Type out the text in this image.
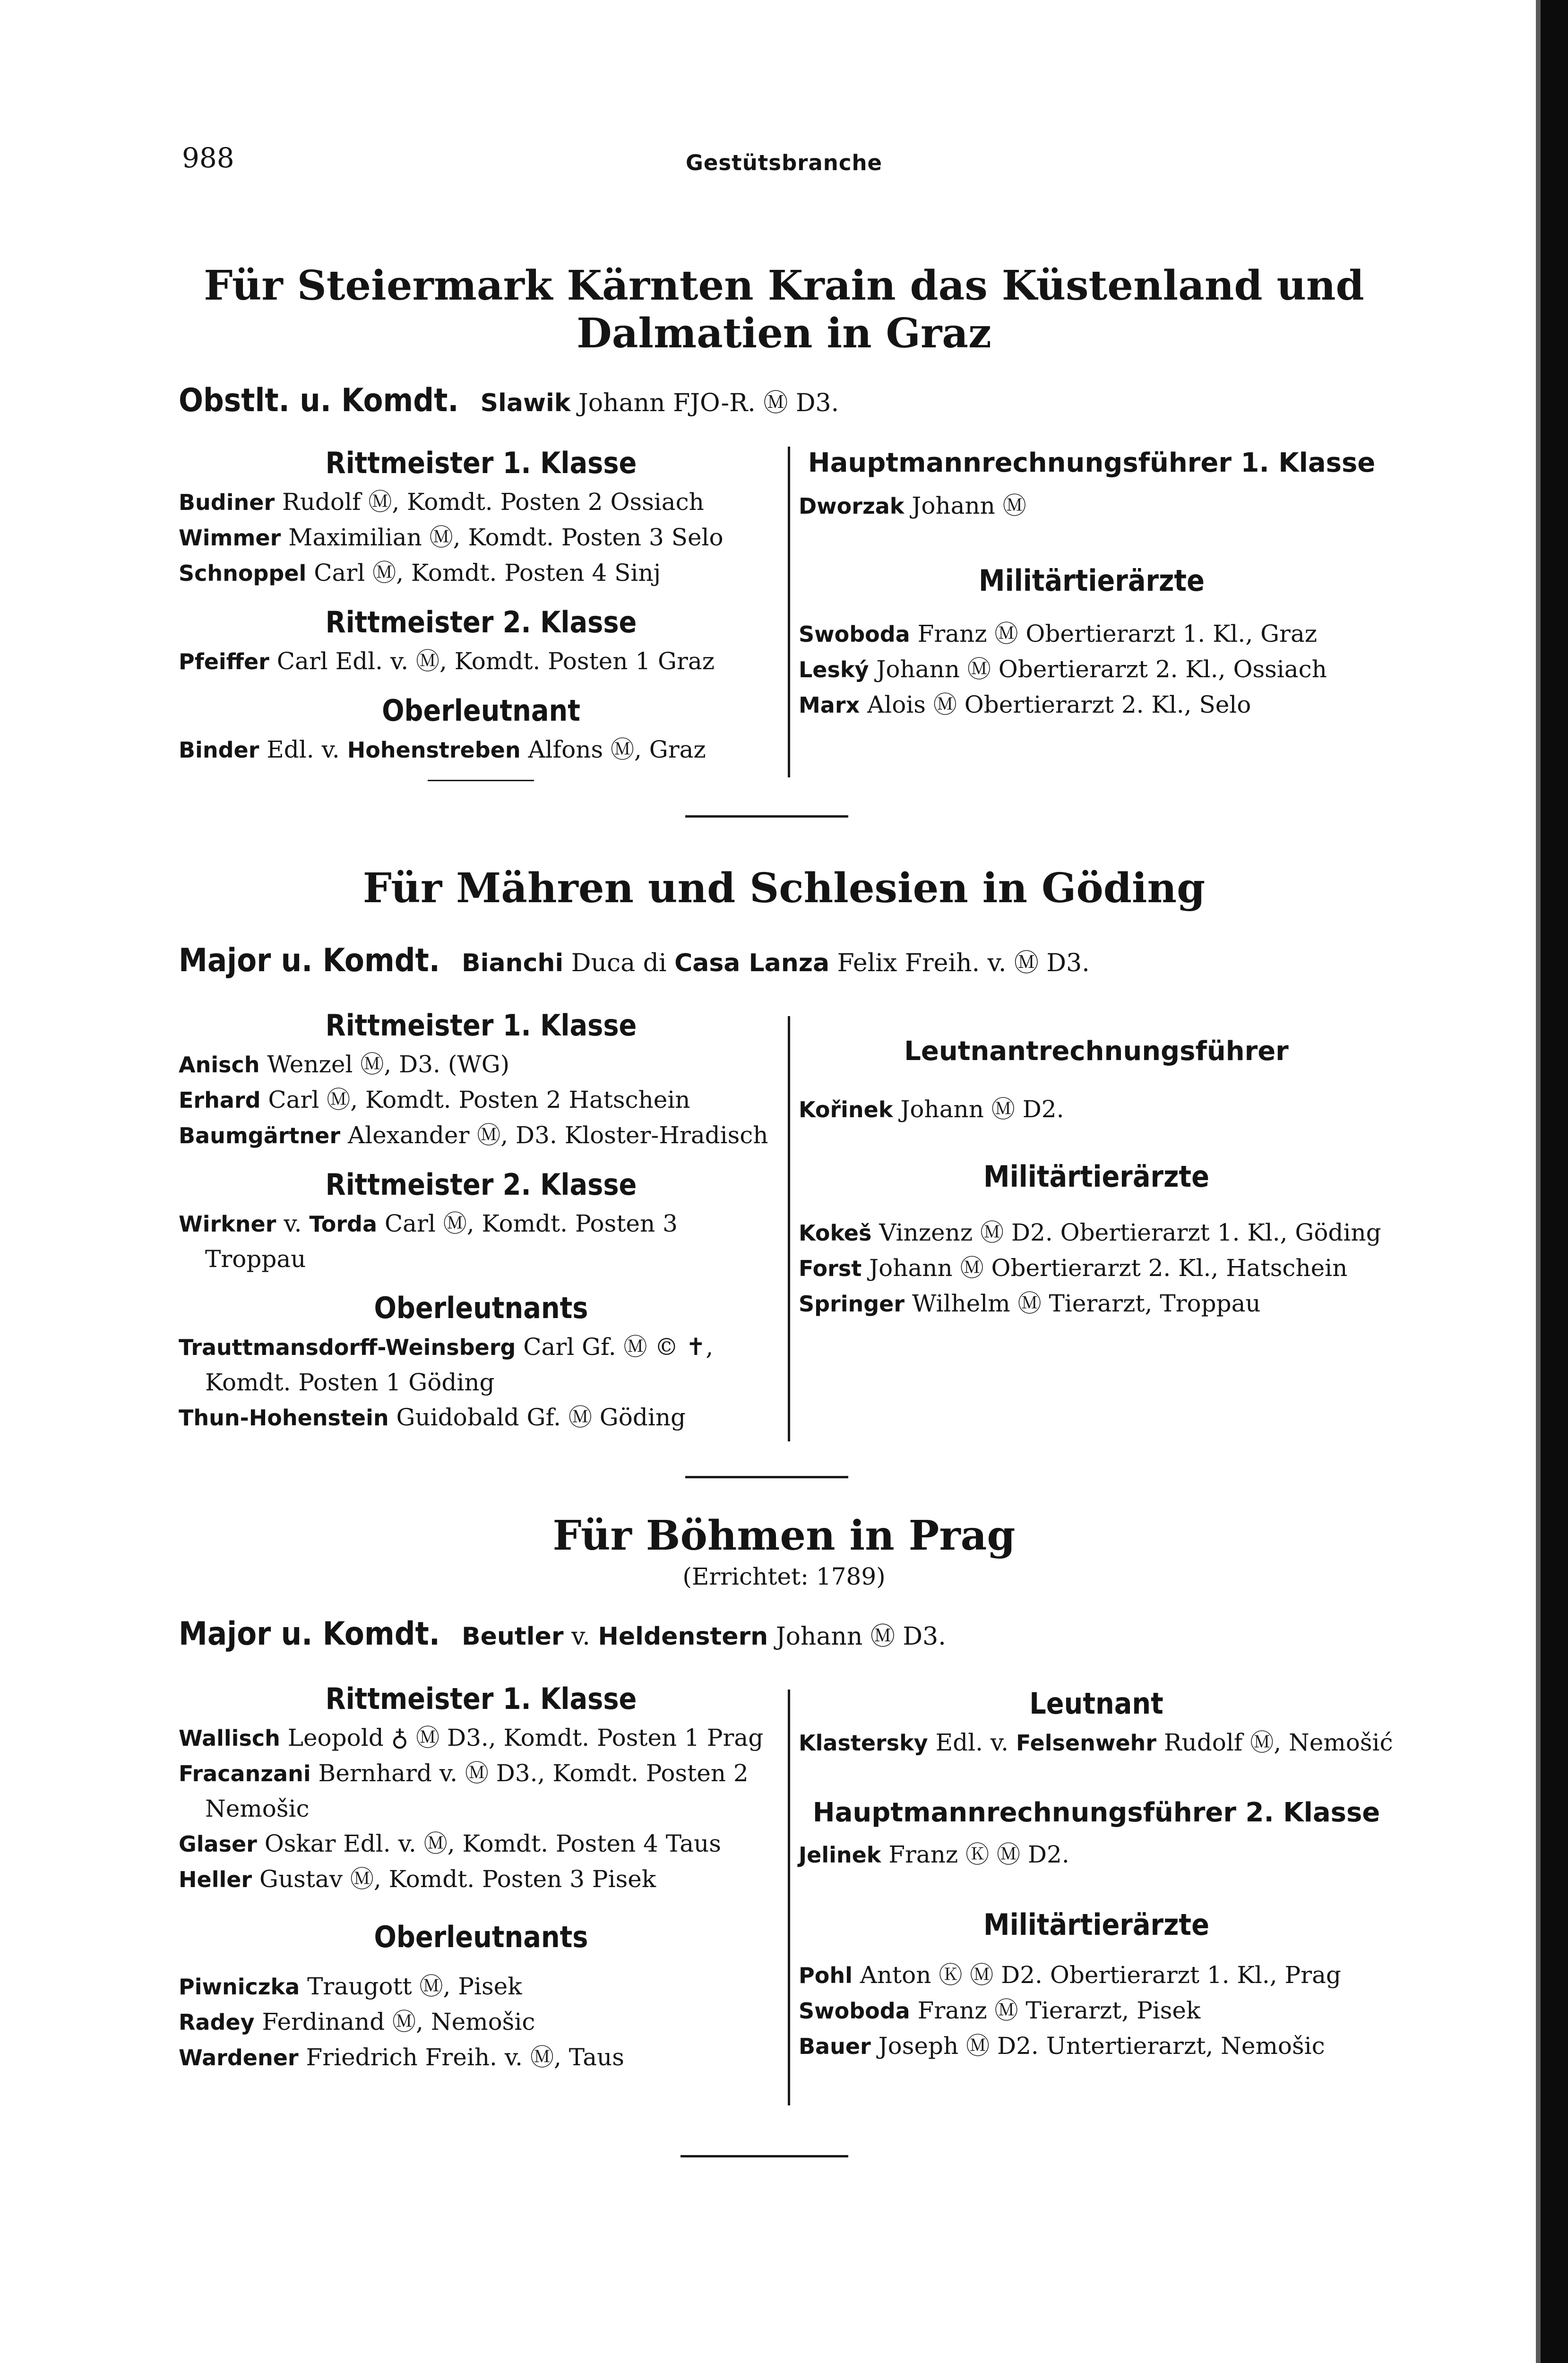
988	Gestütsbranche
Für Steiermark Kärnten Krain das Küstenland und
Dalmatien in Graz
Obstlt. u. Komdt. Slawik Johann FJO-R. Ⓜ D3.
Rittmeister 1. Klasse
Budiner Rudolf Ⓜ, Komdt. Posten 2 Ossiach
Wimmer Maximilian Ⓜ, Komdt. Posten 3 Selo
Schnoppel Carl Ⓜ, Komdt. Posten 4 Sinj
Rittmeister 2. Klasse
Pfeiffer Carl Edl. v. Ⓜ, Komdt. Posten 1 Graz
Oberleutnant
Binder Edl. v. Hohenstreben Alfons Ⓜ, Graz
Hauptmannrechnungsführer 1. Klasse
Dworzak Johann Ⓜ
Militärtierärzte
Swoboda Franz Ⓜ Obertierarzt 1. Kl., Graz
Leský Johann Ⓜ Obertierarzt 2. Kl., Ossiach
Marx Alois Ⓜ Obertierarzt 2. Kl., Selo
Für Mähren und Schlesien in Göding
Major u. Komdt. Bianchi Duca di Casa Lanza Felix Freih. v. Ⓜ D3.
Rittmeister 1. Klasse
Anisch Wenzel Ⓜ, D3. (WG)
Erhard Carl Ⓜ, Komdt. Posten 2 Hatschein
Baumgärtner Alexander Ⓜ, D3. Kloster-Hradisch
Rittmeister 2. Klasse
Wirkner v. Torda Carl Ⓜ, Komdt. Posten 3 Troppau
Oberleutnants
Trauttmansdorff-Weinsberg Carl Gf. Ⓜ © ✝, Komdt. Posten 1 Göding
Thun-Hohenstein Guidobald Gf. Ⓜ Göding
Leutnantrechnungsführer
Kořinek Johann Ⓜ D2.
Militärtierärzte
Kokeš Vinzenz Ⓜ D2. Obertierarzt 1. Kl., Göding
Forst Johann Ⓜ Obertierarzt 2. Kl., Hatschein
Springer Wilhelm Ⓜ Tierarzt, Troppau
Für Böhmen in Prag
(Errichtet: 1789)
Major u. Komdt. Beutler v. Heldenstern Johann Ⓜ D3.
Rittmeister 1. Klasse
Wallisch Leopold ♁ Ⓜ D3., Komdt. Posten 1 Prag
Fracanzani Bernhard v. Ⓜ D3., Komdt. Posten 2 Nemošic
Glaser Oskar Edl. v. Ⓜ, Komdt. Posten 4 Taus
Heller Gustav Ⓜ, Komdt. Posten 3 Pisek
Oberleutnants
Piwniczka Traugott Ⓜ, Pisek
Radey Ferdinand Ⓜ, Nemošic
Wardener Friedrich Freih. v. Ⓜ, Taus
Leutnant
Klastersky Edl. v. Felsenwehr Rudolf Ⓜ, Nemošić
Hauptmannrechnungsführer 2. Klasse
Jelinek Franz Ⓚ Ⓜ D2.
Militärtierärzte
Pohl Anton Ⓚ Ⓜ D2. Obertierarzt 1. Kl., Prag
Swoboda Franz Ⓜ Tierarzt, Pisek
Bauer Joseph Ⓜ D2. Untertierarzt, Nemošic
